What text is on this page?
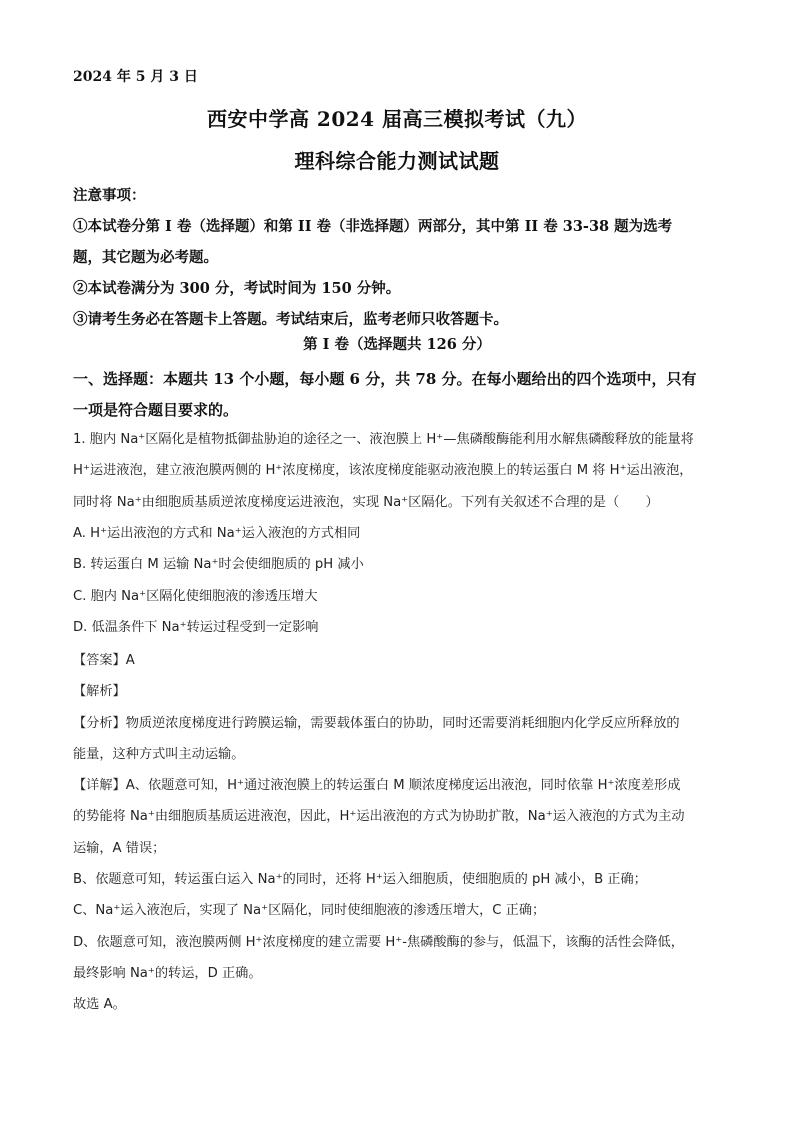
2024 年 5 月 3 日
西安中学高 2024 届高三模拟考试（九）
理科综合能力测试试题
注意事项：
①本试卷分第 I 卷（选择题）和第 II 卷（非选择题）两部分，其中第 II 卷 33-38 题为选考
题，其它题为必考题。
②本试卷满分为 300 分，考试时间为 150 分钟。
③请考生务必在答题卡上答题。考试结束后，监考老师只收答题卡。
第 I 卷（选择题共 126 分）
一、选择题：本题共 13 个小题，每小题 6 分，共 78 分。在每小题给出的四个选项中，只有
一项是符合题目要求的。
1. 胞内 Na⁺区隔化是植物抵御盐胁迫的途径之一、液泡膜上 H⁺—焦磷酸酶能利用水解焦磷酸释放的能量将
H⁺运进液泡，建立液泡膜两侧的 H⁺浓度梯度，该浓度梯度能驱动液泡膜上的转运蛋白 M 将 H⁺运出液泡，
同时将 Na⁺由细胞质基质逆浓度梯度运进液泡，实现 Na⁺区隔化。下列有关叙述不合理的是（　　）
A. H⁺运出液泡的方式和 Na⁺运入液泡的方式相同
B. 转运蛋白 M 运输 Na⁺时会使细胞质的 pH 减小
C. 胞内 Na⁺区隔化使细胞液的渗透压增大
D. 低温条件下 Na⁺转运过程受到一定影响
【答案】A
【解析】
【分析】物质逆浓度梯度进行跨膜运输，需要载体蛋白的协助，同时还需要消耗细胞内化学反应所释放的
能量，这种方式叫主动运输。
【详解】A、依题意可知，H⁺通过液泡膜上的转运蛋白 M 顺浓度梯度运出液泡，同时依靠 H⁺浓度差形成
的势能将 Na⁺由细胞质基质运进液泡，因此，H⁺运出液泡的方式为协助扩散，Na⁺运入液泡的方式为主动
运输，A 错误；
B、依题意可知，转运蛋白运入 Na⁺的同时，还将 H⁺运入细胞质，使细胞质的 pH 减小，B 正确；
C、Na⁺运入液泡后，实现了 Na⁺区隔化，同时使细胞液的渗透压增大，C 正确；
D、依题意可知，液泡膜两侧 H⁺浓度梯度的建立需要 H⁺-焦磷酸酶的参与，低温下，该酶的活性会降低，
最终影响 Na⁺的转运，D 正确。
故选 A。
